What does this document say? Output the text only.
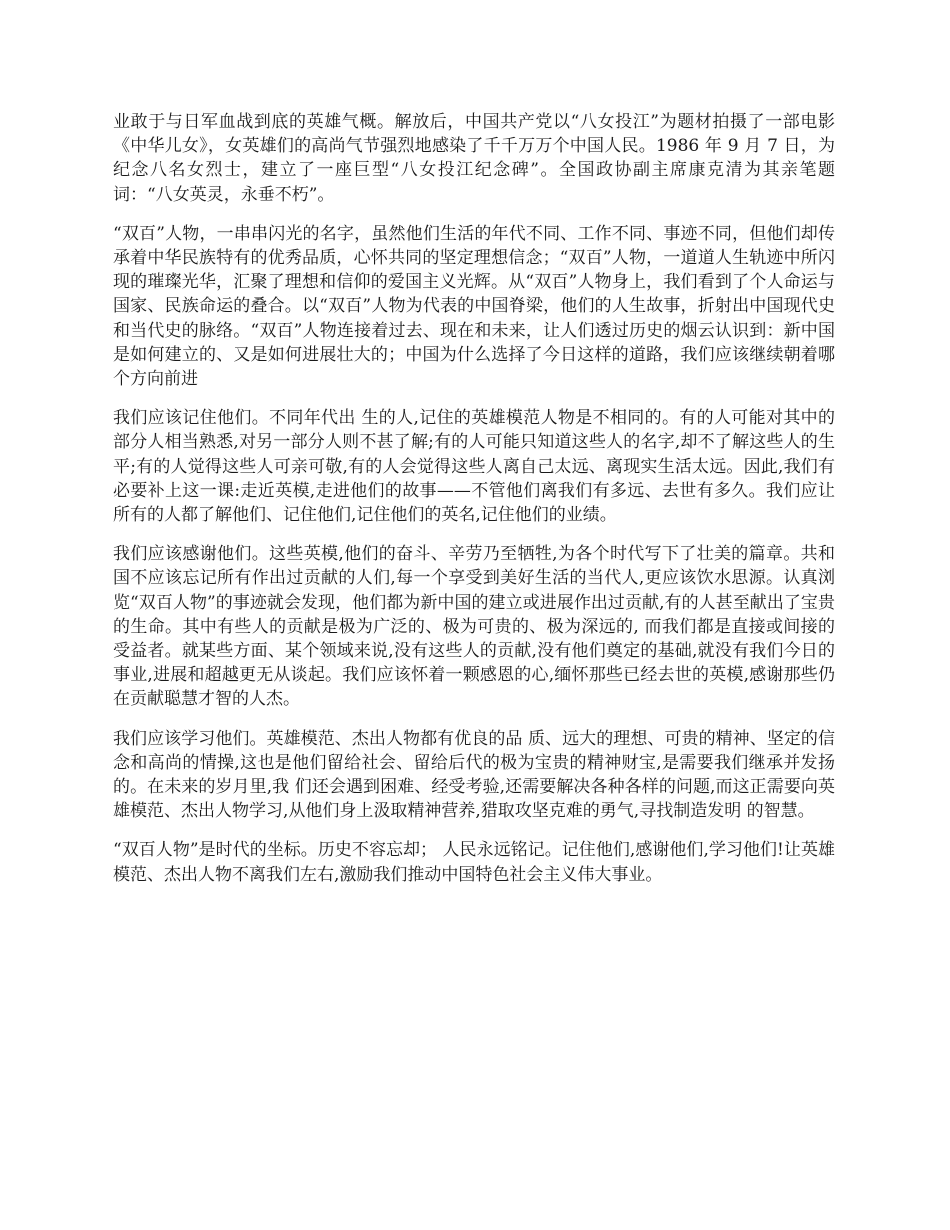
业敢于与日军血战到底的英雄气概。解放后，中国共产党以“八女投江”为题材拍摄了一部电影《中华儿女》，女英雄们的高尚气节强烈地感染了千千万万个中国人民。1986 年 9 月 7 日，为纪念八名女烈士，建立了一座巨型“八女投江纪念碑”。全国政协副主席康克清为其亲笔题词：“八女英灵，永垂不朽”。

“双百”人物，一串串闪光的名字，虽然他们生活的年代不同、工作不同、事迹不同，但他们却传承着中华民族特有的优秀品质，心怀共同的坚定理想信念；“双百”人物，一道道人生轨迹中所闪现的璀璨光华，汇聚了理想和信仰的爱国主义光辉。从“双百”人物身上，我们看到了个人命运与国家、民族命运的叠合。以“双百”人物为代表的中国脊梁，他们的人生故事，折射出中国现代史和当代史的脉络。“双百”人物连接着过去、现在和未来，让人们透过历史的烟云认识到：新中国是如何建立的、又是如何进展壮大的；中国为什么选择了今日这样的道路，我们应该继续朝着哪个方向前进

我们应该记住他们。不同年代出 生的人,记住的英雄模范人物是不相同的。有的人可能对其中的部分人相当熟悉,对另一部分人则不甚了解;有的人可能只知道这些人的名字,却不了解这些人的生 平;有的人觉得这些人可亲可敬,有的人会觉得这些人离自己太远、离现实生活太远。因此,我们有必要补上这一课:走近英模,走进他们的故事——不管他们离我们有多远、去世有多久。我们应让所有的人都了解他们、记住他们,记住他们的英名,记住他们的业绩。

我们应该感谢他们。这些英模,他们的奋斗、辛劳乃至牺牲,为各个时代写下了壮美的篇章。共和国不应该忘记所有作出过贡献的人们,每一个享受到美好生活的当代人,更应该饮水思源。认真浏览“双百人物”的事迹就会发现，他们都为新中国的建立或进展作出过贡献,有的人甚至献出了宝贵的生命。其中有些人的贡献是极为广泛的、极为可贵的、极为深远的, 而我们都是直接或间接的受益者。就某些方面、某个领域来说,没有这些人的贡献,没有他们奠定的基础,就没有我们今日的事业,进展和超越更无从谈起。我们应该怀着一颗感恩的心,缅怀那些已经去世的英模,感谢那些仍在贡献聪慧才智的人杰。

我们应该学习他们。英雄模范、杰出人物都有优良的品 质、远大的理想、可贵的精神、坚定的信念和高尚的情操,这也是他们留给社会、留给后代的极为宝贵的精神财宝,是需要我们继承并发扬的。在未来的岁月里,我 们还会遇到困难、经受考验,还需要解决各种各样的问题,而这正需要向英雄模范、杰出人物学习,从他们身上汲取精神营养,猎取攻坚克难的勇气,寻找制造发明 的智慧。

“双百人物”是时代的坐标。历史不容忘却； 人民永远铭记。记住他们,感谢他们,学习他们!让英雄模范、杰出人物不离我们左右,激励我们推动中国特色社会主义伟大事业。
